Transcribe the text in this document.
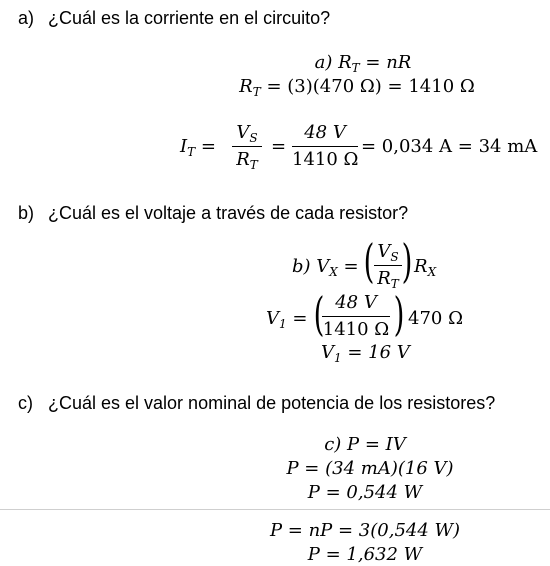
a) ¿Cuál es la corriente en el circuito?
a) $R_T$ = nR
$R_T = (3)(470$ Ω) = 1410 Ω
$I_T$ =
$V_S$
$R_T$
=
48 V
1410 Ω
= 0,034 A = 34 mA
b) ¿Cuál es el voltaje a través de cada resistor?
b) $V_X$ = ( $V_S$
$R_T$ ) $R_X$
$V_1$ = ( 48 V
1410 Ω ) 470 Ω
$V_1 = 16$ V
c) ¿Cuál es el valor nominal de potencia de los resistores?
c) P = IV
P = (34 mA)(16 V)
P = 0,544 W
P = nP = 3(0,544 W)
P = 1,632 W
